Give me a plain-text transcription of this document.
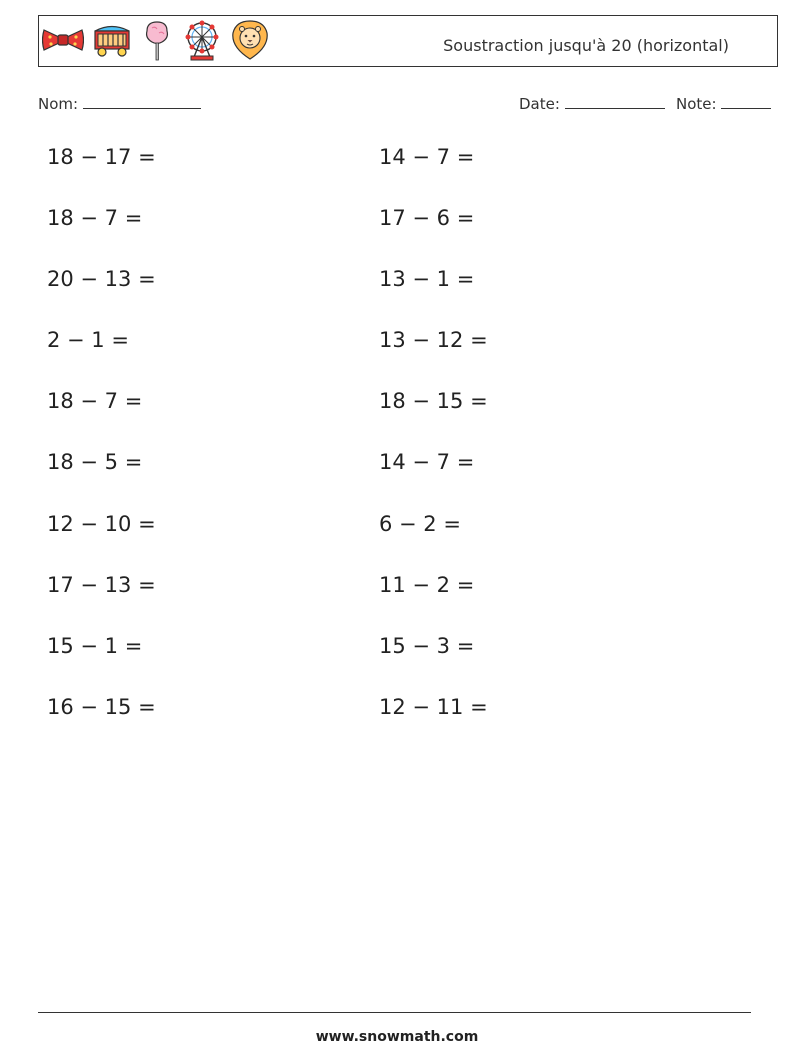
Soustraction jusqu'à 20 (horizontal)
Nom:	Date:	Note:
18 − 17 =	14 − 7 =
18 − 7 =	17 − 6 =
20 − 13 =	13 − 1 =
2 − 1 =	13 − 12 =
18 − 7 =	18 − 15 =
18 − 5 =	14 − 7 =
12 − 10 =	6 − 2 =
17 − 13 =	11 − 2 =
15 − 1 =	15 − 3 =
16 − 15 =	12 − 11 =
www.snowmath.com
